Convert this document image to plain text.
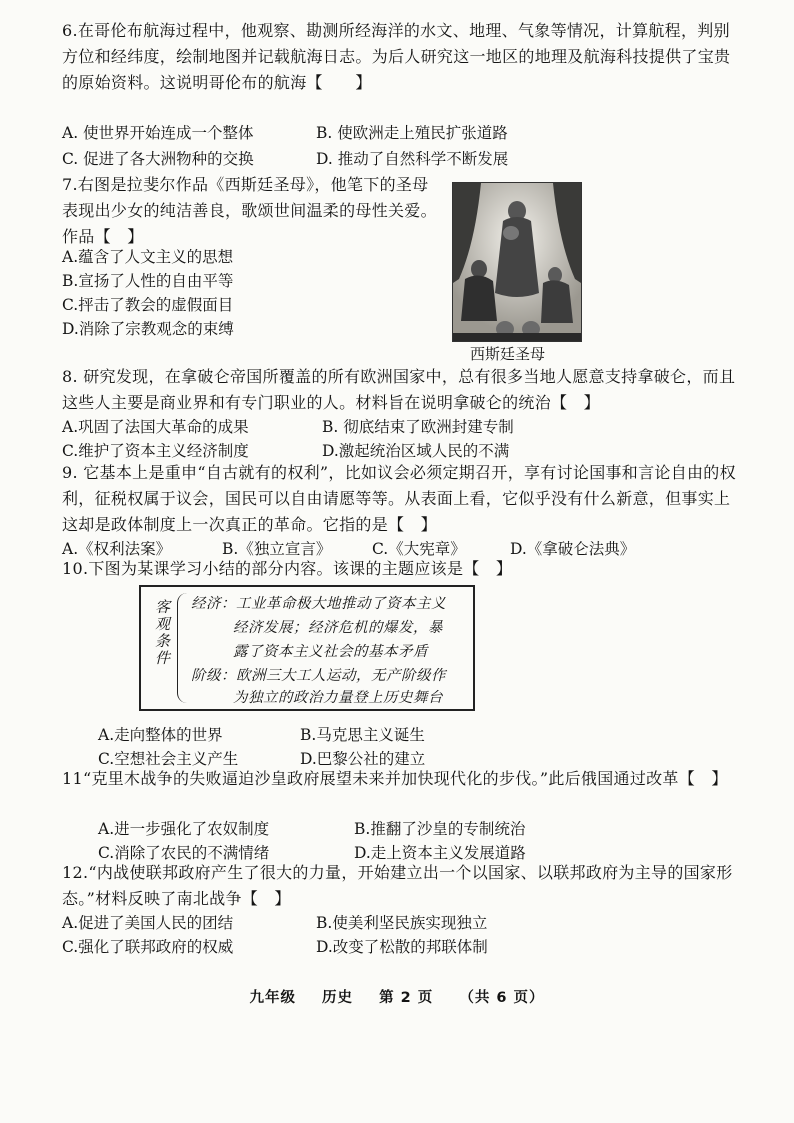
6.在哥伦布航海过程中，他观察、勘测所经海洋的水文、地理、气象等情况，计算航程，判别方位和经纬度，绘制地图并记载航海日志。为后人研究这一地区的地理及航海科技提供了宝贵的原始资料。这说明哥伦布的航海【　　】

A. 使世界开始连成一个整体	B. 使欧洲走上殖民扩张道路
C. 促进了各大洲物种的交换	D. 推动了自然科学不断发展

7.右图是拉斐尔作品《西斯廷圣母》，他笔下的圣母表现出少女的纯洁善良，歌颂世间温柔的母性关爱。作品【　】

A.蕴含了人文主义的思想
B.宣扬了人性的自由平等
C.抨击了教会的虚假面目
D.消除了宗教观念的束缚
西斯廷圣母

8. 研究发现，在拿破仑帝国所覆盖的所有欧洲国家中，总有很多当地人愿意支持拿破仑，而且这些人主要是商业界和有专门职业的人。材料旨在说明拿破仑的统治【　】

A.巩固了法国大革命的成果	B. 彻底结束了欧洲封建专制
C.维护了资本主义经济制度	D.激起统治区域人民的不满

9. 它基本上是重申“自古就有的权利”，比如议会必须定期召开，享有讨论国事和言论自由的权利，征税权属于议会，国民可以自由请愿等等。从表面上看，它似乎没有什么新意，但事实上这却是政体制度上一次真正的革命。它指的是【　】

A.《权利法案》	B.《独立宣言》	C.《大宪章》	D.《拿破仑法典》

10.下图为某课学习小结的部分内容。该课的主题应该是【　】

客观条件 经济：工业革命极大地推动了资本主义
经济发展；经济危机的爆发，暴
露了资本主义社会的基本矛盾
阶级：欧洲三大工人运动，无产阶级作
为独立的政治力量登上历史舞台
A.走向整体的世界	B.马克思主义诞生
C.空想社会主义产生	D.巴黎公社的建立

11“克里木战争的失败逼迫沙皇政府展望未来并加快现代化的步伐。”此后俄国通过改革【　】

A.进一步强化了农奴制度	B.推翻了沙皇的专制统治
C.消除了农民的不满情绪	D.走上资本主义发展道路

12.“内战使联邦政府产生了很大的力量，开始建立出一个以国家、以联邦政府为主导的国家形态。”材料反映了南北战争【　】

A.促进了美国人民的团结	B.使美利坚民族实现独立
C.强化了联邦政府的权威	D.改变了松散的邦联体制
九年级 历史 第 2 页 （共 6 页）
